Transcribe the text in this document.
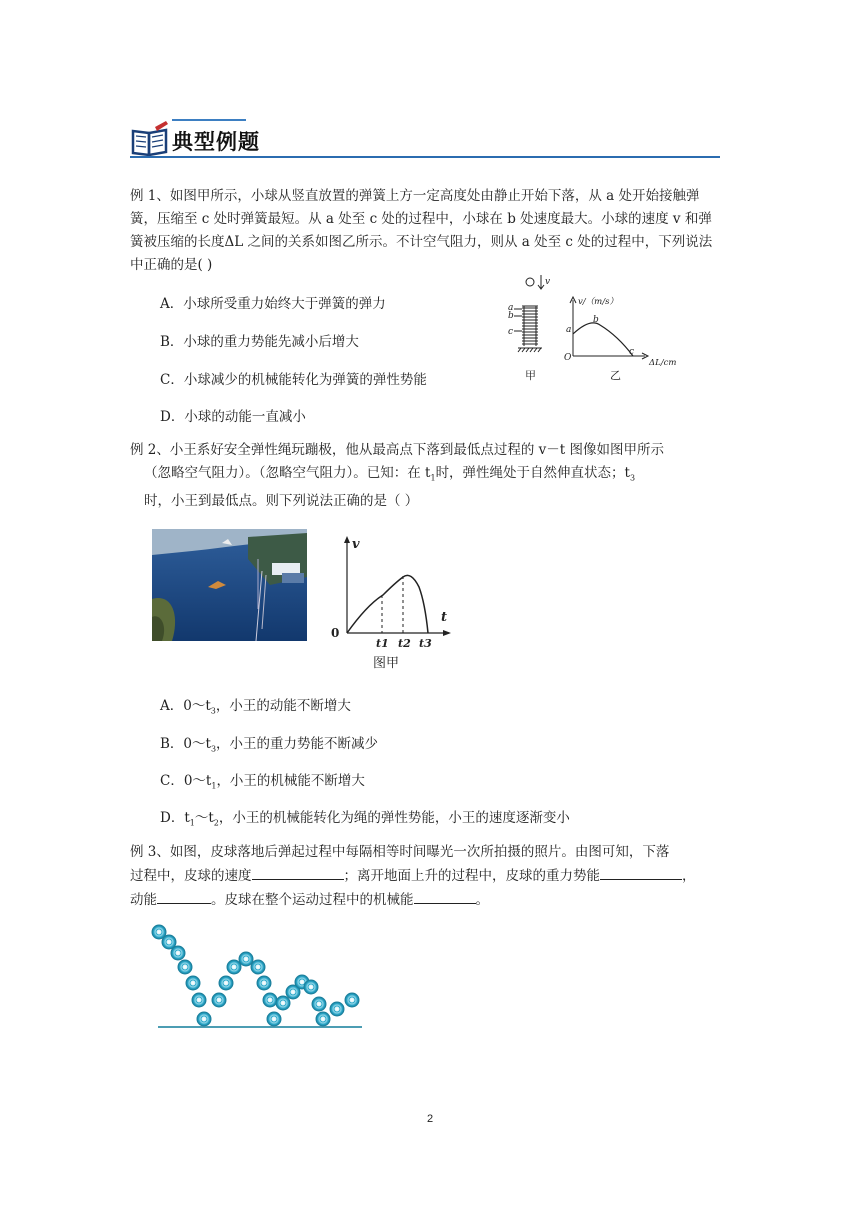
典型例题
例 1、如图甲所示，小球从竖直放置的弹簧上方一定高度处由静止开始下落，从 a 处开始接触弹簧，压缩至 c 处时弹簧最短。从 a 处至 c 处的过程中，小球在 b 处速度最大。小球的速度 v 和弹簧被压缩的长度ΔL 之间的关系如图乙所示。不计空气阻力，则从 a 处至 c 处的过程中，下列说法中正确的是( )
A．小球所受重力始终大于弹簧的弹力
B．小球的重力势能先减小后增大
C．小球减少的机械能转化为弹簧的弹性势能
D．小球的动能一直减小
v
a
b
c
甲
v/（m/s）
ΔL/cm
O
a
b
c
乙
例 2、小王系好安全弹性绳玩蹦极，他从最高点下落到最低点过程的 v－t 图像如图甲所示
（忽略空气阻力）。（忽略空气阻力）。已知：在 $t_1$时，弹性绳处于自然伸直状态；$t_3$
时，小王到最低点。则下列说法正确的是（ ）
v
t
0
t1 t2 t3
图甲
A．$0\sim t_3$，小王的动能不断增大
B．$0\sim t_3$，小王的重力势能不断减少
C．$0\sim t_1$，小王的机械能不断增大
D．$t_1\sim t_2$，小王的机械能转化为绳的弹性势能，小王的速度逐渐变小
例 3、如图，皮球落地后弹起过程中每隔相等时间曝光一次所拍摄的照片。由图可知，下落
过程中，皮球的速度	；离开地面上升的过程中，皮球的重力势能	，
动能	。皮球在整个运动过程中的机械能	。
2
